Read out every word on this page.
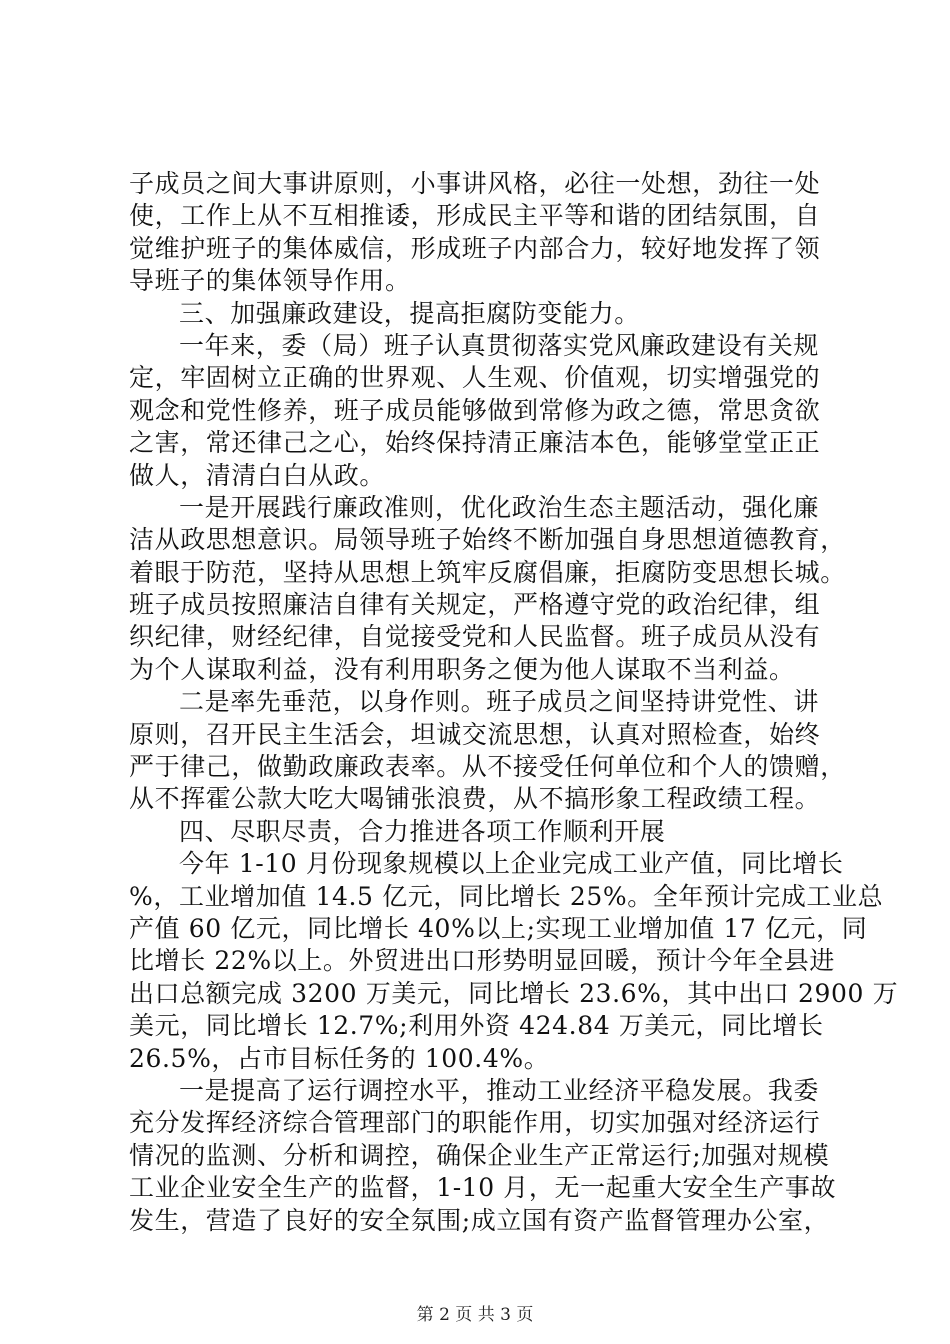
子成员之间大事讲原则，小事讲风格，必往一处想，劲往一处
使，工作上从不互相推诿，形成民主平等和谐的团结氛围，自
觉维护班子的集体威信，形成班子内部合力，较好地发挥了领
导班子的集体领导作用。
三、加强廉政建设，提高拒腐防变能力。
一年来，委（局）班子认真贯彻落实党风廉政建设有关规
定，牢固树立正确的世界观、人生观、价值观，切实增强党的
观念和党性修养，班子成员能够做到常修为政之德，常思贪欲
之害，常还律己之心，始终保持清正廉洁本色，能够堂堂正正
做人，清清白白从政。
一是开展践行廉政准则，优化政治生态主题活动，强化廉
洁从政思想意识。局领导班子始终不断加强自身思想道德教育，
着眼于防范，坚持从思想上筑牢反腐倡廉，拒腐防变思想长城。
班子成员按照廉洁自律有关规定，严格遵守党的政治纪律，组
织纪律，财经纪律，自觉接受党和人民监督。班子成员从没有
为个人谋取利益，没有利用职务之便为他人谋取不当利益。
二是率先垂范，以身作则。班子成员之间坚持讲党性、讲
原则，召开民主生活会，坦诚交流思想，认真对照检查，始终
严于律己，做勤政廉政表率。从不接受任何单位和个人的馈赠，
从不挥霍公款大吃大喝铺张浪费，从不搞形象工程政绩工程。
四、尽职尽责，合力推进各项工作顺利开展
今年 1-10 月份现象规模以上企业完成工业产值，同比增长
%，工业增加值 14.5 亿元，同比增长 25%。全年预计完成工业总
产值 60 亿元，同比增长 40%以上;实现工业增加值 17 亿元，同
比增长 22%以上。外贸进出口形势明显回暖，预计今年全县进
出口总额完成 3200 万美元，同比增长 23.6%，其中出口 2900 万
美元，同比增长 12.7%;利用外资 424.84 万美元，同比增长
26.5%，占市目标任务的 100.4%。
一是提高了运行调控水平，推动工业经济平稳发展。我委
充分发挥经济综合管理部门的职能作用，切实加强对经济运行
情况的监测、分析和调控，确保企业生产正常运行;加强对规模
工业企业安全生产的监督，1-10 月，无一起重大安全生产事故
发生，营造了良好的安全氛围;成立国有资产监督管理办公室，
第 2 页 共 3 页
